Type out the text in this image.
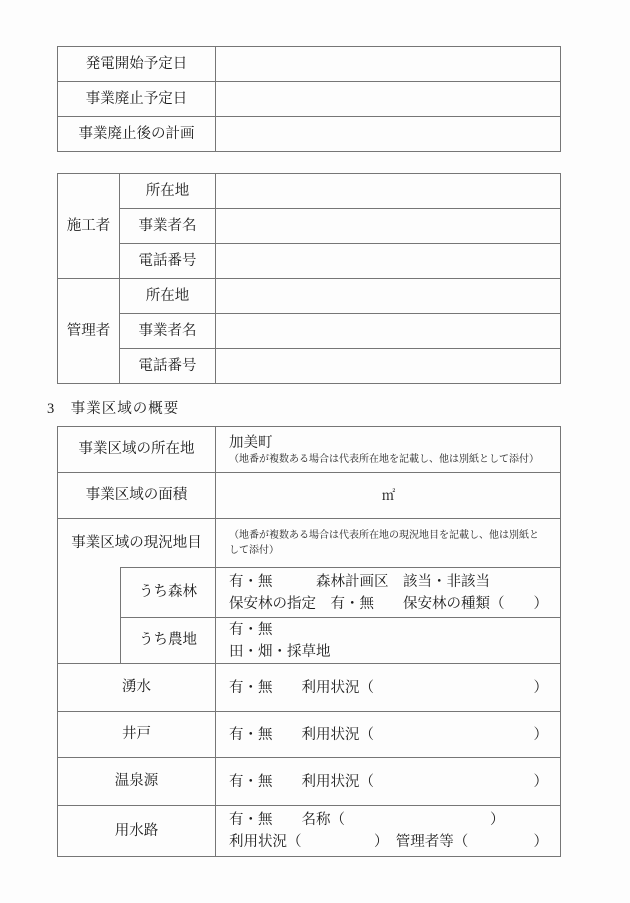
発電開始予定日	
事業廃止予定日	
事業廃止後の計画	
施工者	所在地	
	事業者名	
	電話番号	
管理者	所在地	
	事業者名	
	電話番号	
3　事業区域の概要
事業区域の所在地		加美町
（地番が複数ある場合は代表所在地を記載し、他は別紙として添付）

事業区域の面積		㎡
事業区域の現況地目		（地番が複数ある場合は代表所在地の現況地目を記載し、他は別紙として添付）

	うち森林	有・無　　　森林計画区　該当・非該当
保安林の指定　有・無　　保安林の種類（ ）

	うち農地	有・無
田・畑・採草地

湧水		有・無　　利用状況（ ）

井戸		有・無　　利用状況（ ）

温泉源		有・無　　利用状況（ ）

用水路		有・無　　名称（　　　　　　　　　　）
利用状況（　　　　　）　管理者等（ ）
